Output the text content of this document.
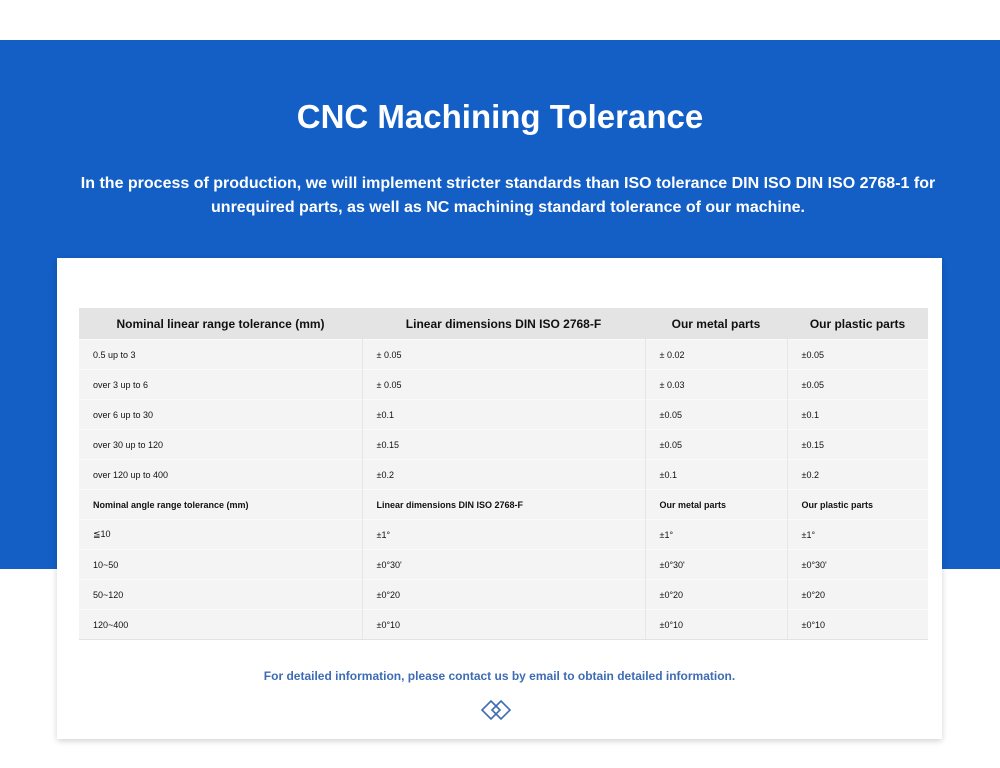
CNC Machining Tolerance

In the process of production, we will implement stricter standards than ISO tolerance DIN ISO DIN ISO 2768-1 for unrequired parts, as well as NC machining standard tolerance of our machine.

Nominal linear range tolerance (mm)	Linear dimensions DIN ISO 2768-F	Our metal parts	Our plastic parts
0.5 up to 3	± 0.05	± 0.02	±0.05
over 3 up to 6	± 0.05	± 0.03	±0.05
over 6 up to 30	±0.1	±0.05	±0.1
over 30 up to 120	±0.15	±0.05	±0.15
over 120 up to 400	±0.2	±0.1	±0.2
Nominal angle range tolerance (mm)	Linear dimensions DIN ISO 2768-F	Our metal parts	Our plastic parts
≦10	±1°	±1°	±1°
10~50	±0°30'	±0°30'	±0°30'
50~120	±0°20	±0°20	±0°20
120~400	±0°10	±0°10	±0°10

For detailed information, please contact us by email to obtain detailed information.
